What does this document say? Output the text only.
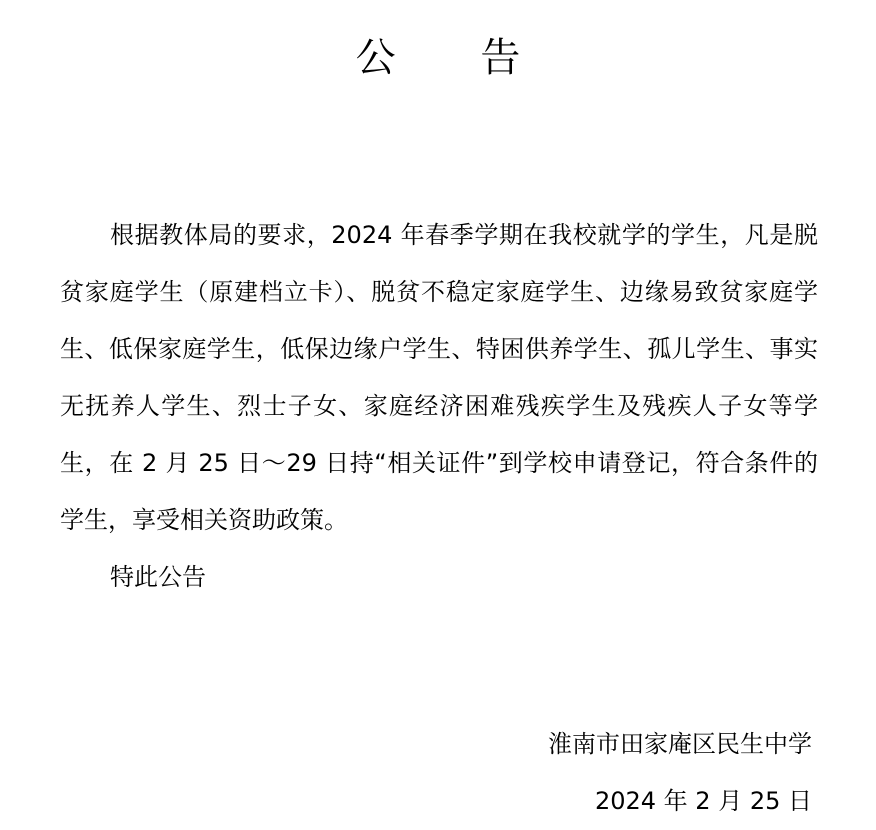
公 告

根据教体局的要求，2024 年春季学期在我校就学的学生，凡是脱贫家庭学生（原建档立卡）、脱贫不稳定家庭学生、边缘易致贫家庭学生、低保家庭学生，低保边缘户学生、特困供养学生、孤儿学生、事实无抚养人学生、烈士子女、家庭经济困难残疾学生及残疾人子女等学生，在 2 月 25 日～29 日持“相关证件”到学校申请登记，符合条件的学生，享受相关资助政策。

特此公告

淮南市田家庵区民生中学
2024 年 2 月 25 日
